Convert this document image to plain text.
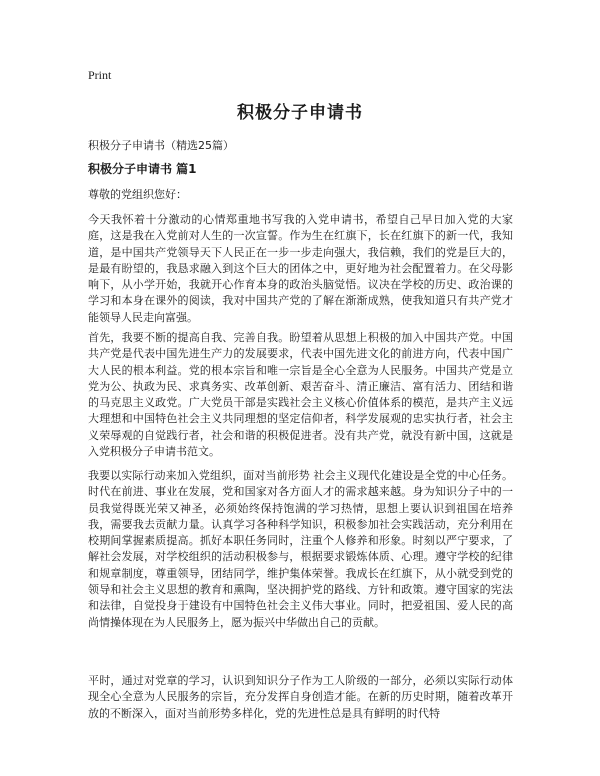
Print
积极分子申请书
积极分子申请书（精选25篇）
积极分子申请书 篇1
尊敬的党组织您好：

今天我怀着十分激动的心情郑重地书写我的入党申请书，希望自己早日加入党的大家庭，这是我在入党前对人生的一次宣誓。作为生在红旗下，长在红旗下的新一代，我知道，是中国共产党领导天下人民正在一步一步走向强大，我信赖，我们的党是巨大的，是最有盼望的，我恳求融入到这个巨大的团体之中，更好地为社会配置着力。在父母影响下，从小学开始，我就开心作育本身的政治头脑觉悟。议决在学校的历史、政治课的学习和本身在课外的阅读，我对中国共产党的了解在渐渐成熟，使我知道只有共产党才能领导人民走向富强。

首先，我要不断的提高自我、完善自我。盼望着从思想上积极的加入中国共产党。中国共产党是代表中国先进生产力的发展要求，代表中国先进文化的前进方向，代表中国广大人民的根本利益。党的根本宗旨和唯一宗旨是全心全意为人民服务。中国共产党是立党为公、执政为民、求真务实、改革创新、艰苦奋斗、清正廉洁、富有活力、团结和谐的马克思主义政党。广大党员干部是实践社会主义核心价值体系的模范，是共产主义远大理想和中国特色社会主义共同理想的坚定信仰者，科学发展观的忠实执行者，社会主义荣辱观的自觉践行者，社会和谐的积极促进者。没有共产党，就没有新中国，这就是入党积极分子申请书范文。

我要以实际行动来加入党组织，面对当前形势 社会主义现代化建设是全党的中心任务。时代在前进、事业在发展，党和国家对各方面人才的需求越来越。身为知识分子中的一员我觉得既光荣又神圣，必须始终保持饱满的学习热情，思想上要认识到祖国在培养我，需要我去贡献力量。认真学习各种科学知识，积极参加社会实践活动，充分利用在校期间掌握素质提高。抓好本职任务同时，注重个人修养和形象。时刻以严宁要求，了解社会发展，对学校组织的活动积极参与，根据要求锻炼体质、心理。遵守学校的纪律和规章制度，尊重领导，团结同学，维护集体荣誉。我成长在红旗下，从小就受到党的领导和社会主义思想的教育和熏陶，坚决拥护党的路线、方针和政策。遵守国家的宪法和法律，自觉投身于建设有中国特色社会主义伟大事业。同时，把爱祖国、爱人民的高尚情操体现在为人民服务上，愿为振兴中华做出自己的贡献。

平时，通过对党章的学习，认识到知识分子作为工人阶级的一部分，必须以实际行动体现全心全意为人民服务的宗旨，充分发挥自身创造才能。在新的历史时期，随着改革开放的不断深入，面对当前形势多样化，党的先进性总是具有鲜明的时代特
